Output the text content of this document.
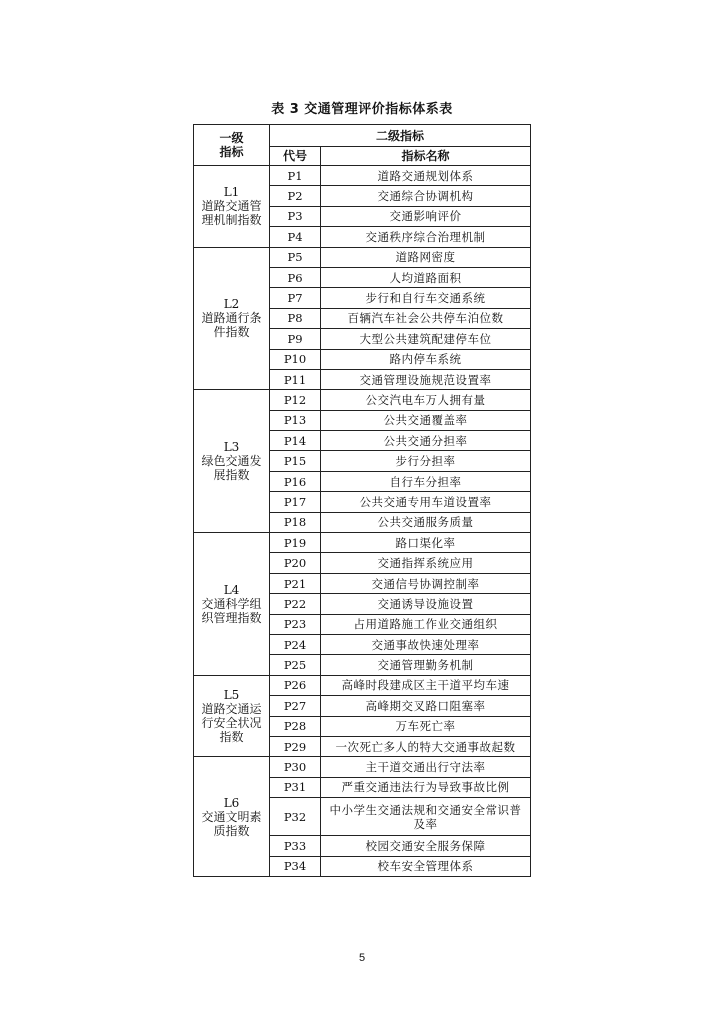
表 3 交通管理评价指标体系表
一级
指标	二级指标	
	代号	指标名称

L1
道路交通管
理机制指数	P1	道路交通规划体系
	P2	交通综合协调机构
	P3	交通影响评价
	P4	交通秩序综合治理机制

L2
道路通行条
件指数	P5	道路网密度
	P6	人均道路面积
	P7	步行和自行车交通系统
	P8	百辆汽车社会公共停车泊位数
	P9	大型公共建筑配建停车位
	P10	路内停车系统
	P11	交通管理设施规范设置率

L3
绿色交通发
展指数	P12	公交汽电车万人拥有量
	P13	公共交通覆盖率
	P14	公共交通分担率
	P15	步行分担率
	P16	自行车分担率
	P17	公共交通专用车道设置率
	P18	公共交通服务质量

L4
交通科学组
织管理指数	P19	路口渠化率
	P20	交通指挥系统应用
	P21	交通信号协调控制率
	P22	交通诱导设施设置
	P23	占用道路施工作业交通组织
	P24	交通事故快速处理率
	P25	交通管理勤务机制

L5
道路交通运
行安全状况
指数	P26	高峰时段建成区主干道平均车速
	P27	高峰期交叉路口阻塞率
	P28	万车死亡率
	P29	一次死亡多人的特大交通事故起数

L6
交通文明素
质指数	P30	主干道交通出行守法率
	P31	严重交通违法行为导致事故比例
	P32	中小学生交通法规和交通安全常识普
及率

	P33	校园交通安全服务保障
	P34	校车安全管理体系
5
